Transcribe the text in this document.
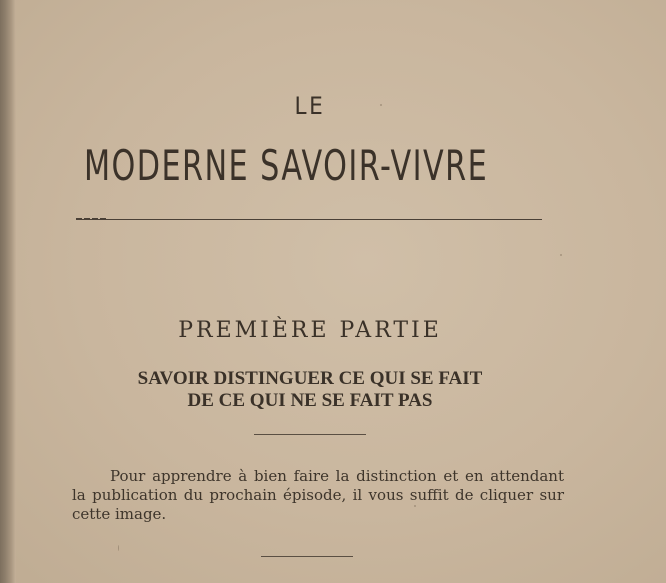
LE
MODERNE SAVOIR-VIVRE
PREMIÈRE PARTIE
SAVOIR DISTINGUER CE QUI SE FAIT
DE CE QUI NE SE FAIT PAS
Pour apprendre à bien faire la distinction et en attendant la publication du prochain épisode, il vous suffit de cliquer sur cette image.
